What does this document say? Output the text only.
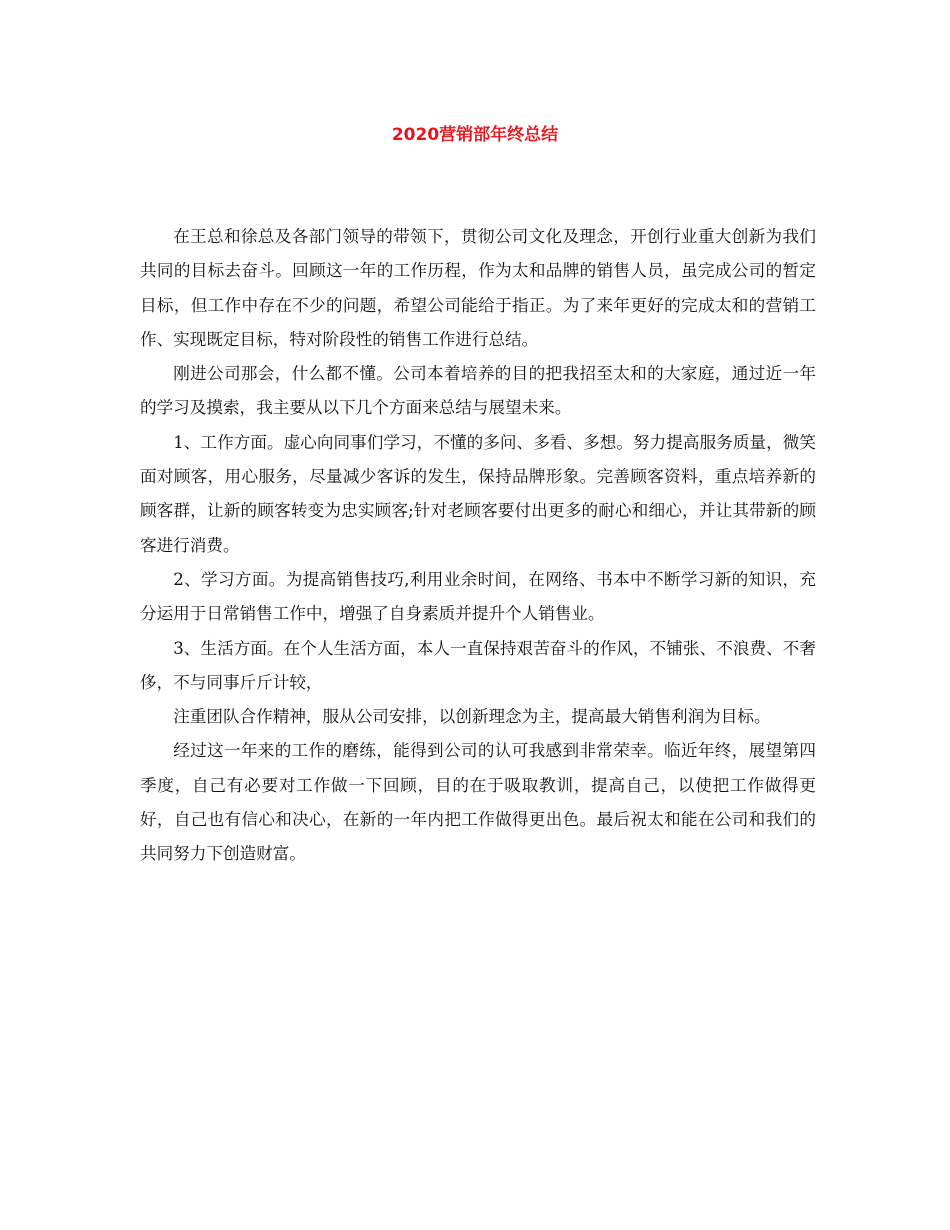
2020营销部年终总结

在王总和徐总及各部门领导的带领下，贯彻公司文化及理念，开创行业重大创新为我们共同的目标去奋斗。回顾这一年的工作历程，作为太和品牌的销售人员，虽完成公司的暂定目标，但工作中存在不少的问题，希望公司能给于指正。为了来年更好的完成太和的营销工作、实现既定目标，特对阶段性的销售工作进行总结。

刚进公司那会，什么都不懂。公司本着培养的目的把我招至太和的大家庭，通过近一年的学习及摸索，我主要从以下几个方面来总结与展望未来。

1、工作方面。虚心向同事们学习，不懂的多问、多看、多想。努力提高服务质量，微笑面对顾客，用心服务，尽量减少客诉的发生，保持品牌形象。完善顾客资料，重点培养新的顾客群，让新的顾客转变为忠实顾客;针对老顾客要付出更多的耐心和细心，并让其带新的顾客进行消费。

2、学习方面。为提高销售技巧,利用业余时间，在网络、书本中不断学习新的知识，充分运用于日常销售工作中，增强了自身素质并提升个人销售业。

3、生活方面。在个人生活方面，本人一直保持艰苦奋斗的作风，不铺张、不浪费、不奢侈，不与同事斤斤计较，

注重团队合作精神，服从公司安排，以创新理念为主，提高最大销售利润为目标。

经过这一年来的工作的磨练，能得到公司的认可我感到非常荣幸。临近年终，展望第四季度，自己有必要对工作做一下回顾，目的在于吸取教训，提高自己，以使把工作做得更好，自己也有信心和决心，在新的一年内把工作做得更出色。最后祝太和能在公司和我们的共同努力下创造财富。
